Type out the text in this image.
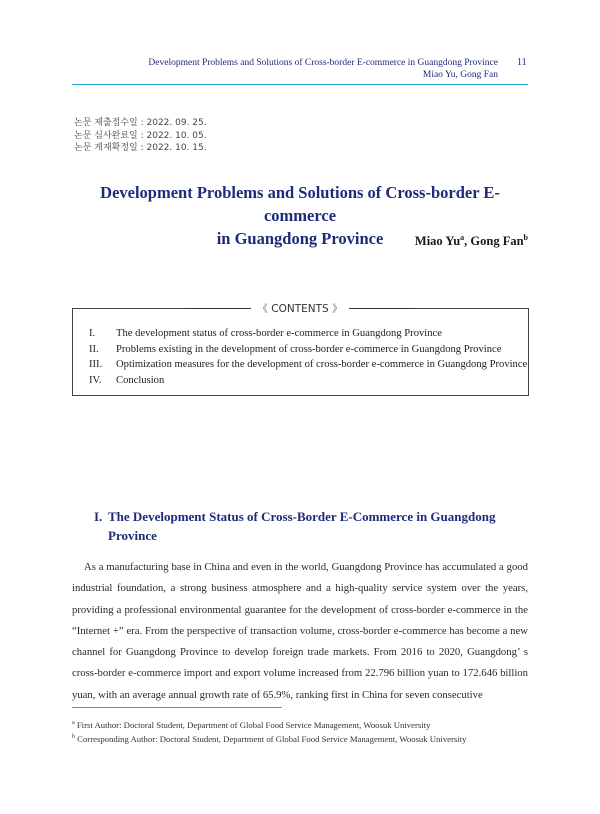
Development Problems and Solutions of Cross-border E-commerce in Guangdong Province
Miao Yu, Gong Fan
11
논문 제출접수일 : 2022. 09. 25.
논문 심사완료일 : 2022. 10. 05.
논문 게재확정일 : 2022. 10. 15.
Development Problems and Solutions of Cross-border E-commerce
in Guangdong Province	Miao Yu$^a$, Gong Fan$^b$
I.	The development status of cross-border e-commerce in Guangdong Province
II.	Problems existing in the development of cross-border e-commerce in Guangdong Province
III.	Optimization measures for the development of cross-border e-commerce in Guangdong Province
IV.	Conclusion
《 CONTENTS 》
I. The Development Status of Cross-Border E-Commerce in Guangdong
Province
As a manufacturing base in China and even in the world, Guangdong Province has accumulated a good industrial foundation, a strong business atmosphere and a high-quality service system over the years, providing a professional environmental guarantee for the development of cross-border e-commerce in the “Internet +” era. From the perspective of transaction volume, cross-border e-commerce has become a new channel for Guangdong Province to develop foreign trade markets. From 2016 to 2020, Guangdong’ s cross-border e-commerce import and export volume increased from 22.796 billion yuan to 172.646 billion yuan, with an average annual growth rate of 65.9%, ranking first in China for seven consecutive
$^a$ First Author: Doctoral Student, Department of Global Food Service Management, Woosuk University
$^b$ Corresponding Author: Doctoral Student, Department of Global Food Service Management, Woosuk University
